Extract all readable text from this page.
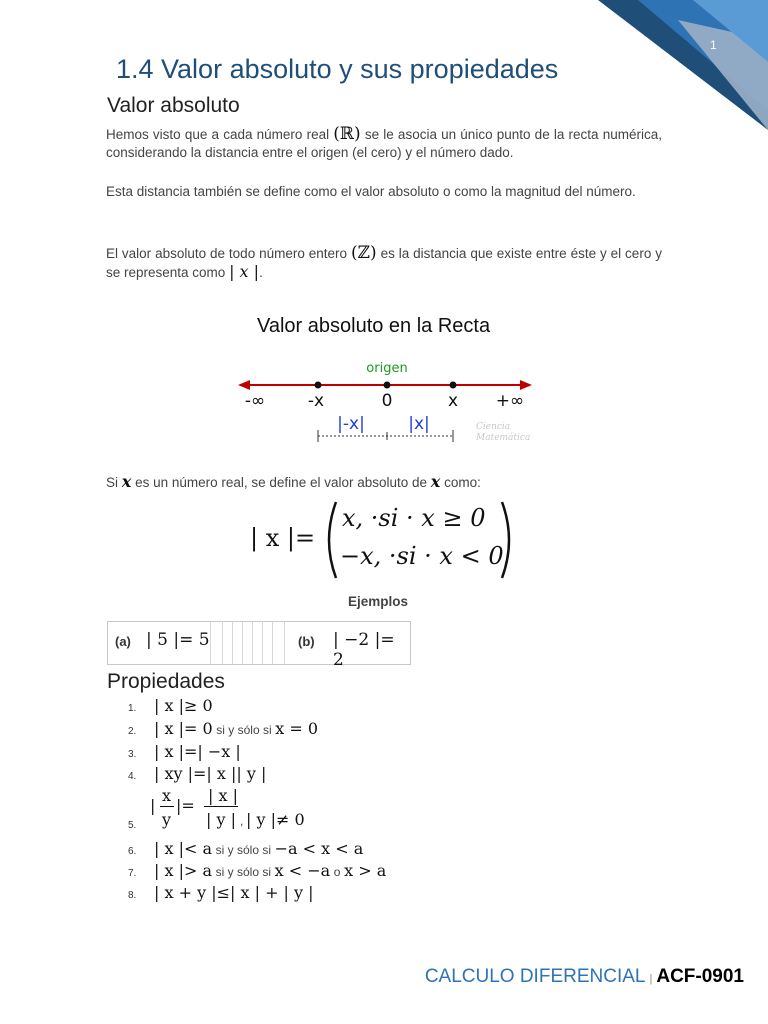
1
1.4 Valor absoluto y sus propiedades
Valor absoluto
Hemos visto que a cada número real (ℝ) se le asocia un único punto de la recta numérica, considerando la distancia entre el origen (el cero) y el número dado.
Esta distancia también se define como el valor absoluto o como la magnitud del número.
El valor absoluto de todo número entero (ℤ) es la distancia que existe entre éste y el cero y se representa como | x |.
Valor absoluto en la Recta
origen
-∞	-x	0	x +∞
|-x|	|x|	Ciencia
Matemática
Si x es un número real, se define el valor absoluto de x como:
| x |=
x, ·si · x ≥ 0
−x, ·si · x < 0
Ejemplos
(a) | 5 |= 5	(b) | −2 |= 2
Propiedades
1. | x |≥ 0
2. | x |= 0 si y sólo si x = 0
3. | x |=| −x |
4. | xy |=| x || y |
5.
|
x
y
|=
| x |
| y | , | y |≠ 0
6. | x |< a si y sólo si −a < x < a
7. | x |> a si y sólo si x < −a o x > a
8. | x + y |≤| x | + | y |
CALCULO DIFERENCIAL | ACF-0901
